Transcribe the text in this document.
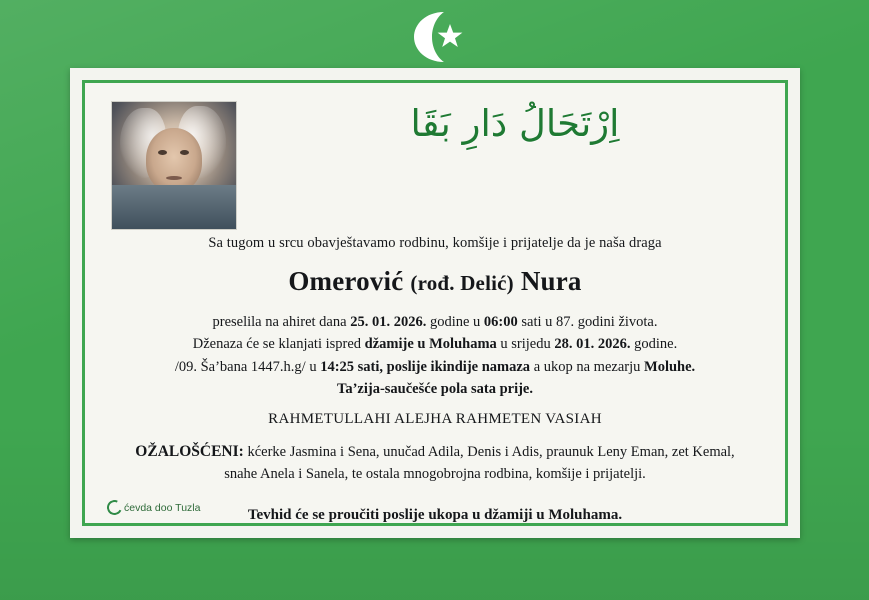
اِرْتَحَالُ دَارِ بَقَا

Sa tugom u srcu obavještavamo rodbinu, komšije i prijatelje da je naša draga

Omerović (rođ. Delić) Nura

preselila na ahiret dana 25. 01. 2026. godine u 06:00 sati u 87. godini života.
Dženaza će se klanjati ispred džamije u Moluhama u srijedu 28. 01. 2026. godine.
/09. Ša’bana 1447.h.g/ u 14:25 sati, poslije ikindije namaza a ukop na mezarju Moluhe.
Ta’zija-saučešće pola sata prije.

RAHMETULLAHI ALEJHA RAHMETEN VASIAH

OŽALOŠĆENI: kćerke Jasmina i Sena, unučad Adila, Denis i Adis, praunuk Leny Eman, zet Kemal, snahe Anela i Sanela, te ostala mnogobrojna rodbina, komšije i prijatelji.

Tevhid će se proučiti poslije ukopa u džamiji u Moluhama.

ćevda doo Tuzla
